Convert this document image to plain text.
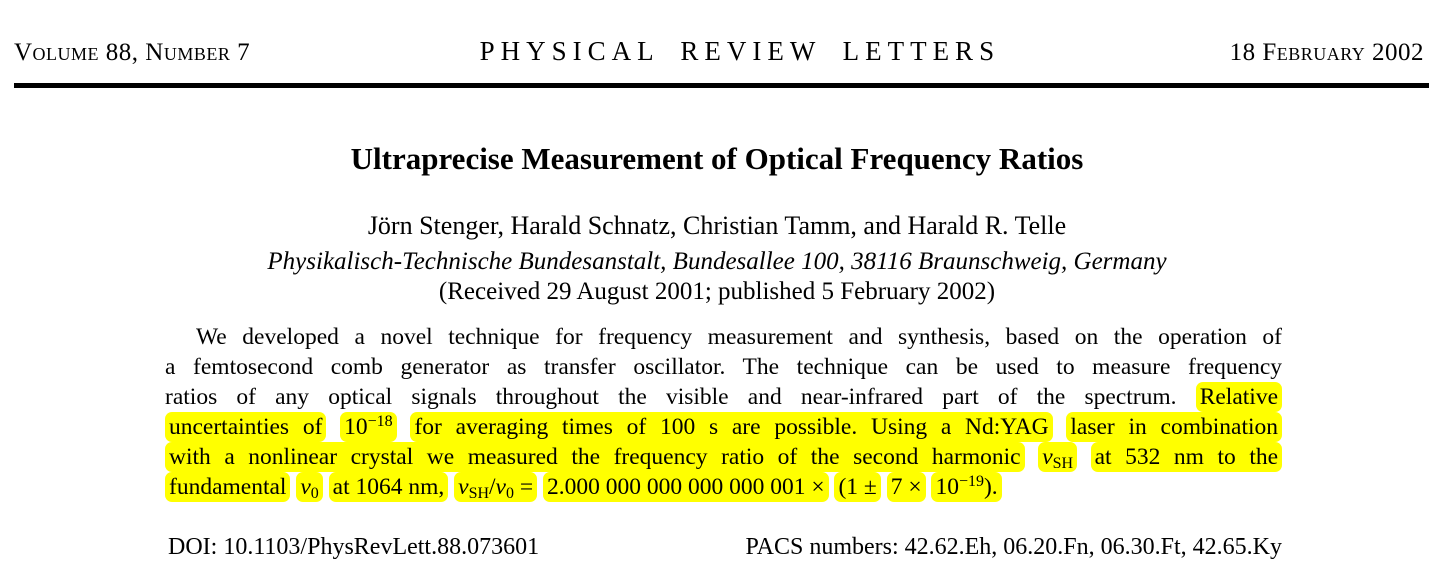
Volume 88, Number 7	PHYSICAL REVIEW LETTERS	18 February 2002
Ultraprecise Measurement of Optical Frequency Ratios
Jörn Stenger, Harald Schnatz, Christian Tamm, and Harald R. Telle
Physikalisch-Technische Bundesanstalt, Bundesallee 100, 38116 Braunschweig, Germany
(Received 29 August 2001; published 5 February 2002)
We developed a novel technique for frequency measurement and synthesis, based on the operation of
a femtosecond comb generator as transfer oscillator. The technique can be used to measure frequency
ratios of any optical signals throughout the visible and near-infrared part of the spectrum. Relative
uncertainties of $10^{-18}$ for averaging times of 100 s are possible. Using a Nd:YAG laser in combination
with a nonlinear crystal we measured the frequency ratio of the second harmonic $\nu_{SH}$ at 532 nm to the
fundamental $\nu_0$ at 1064 nm, $\nu_{SH}/\nu_0 = 2.000$ 000 000 000 000 $001 \times (1 \pm 7 \times 10^{-19})$.
DOI: 10.1103/PhysRevLett.88.073601	PACS numbers: 42.62.Eh, 06.20.Fn, 06.30.Ft, 42.65.Ky
